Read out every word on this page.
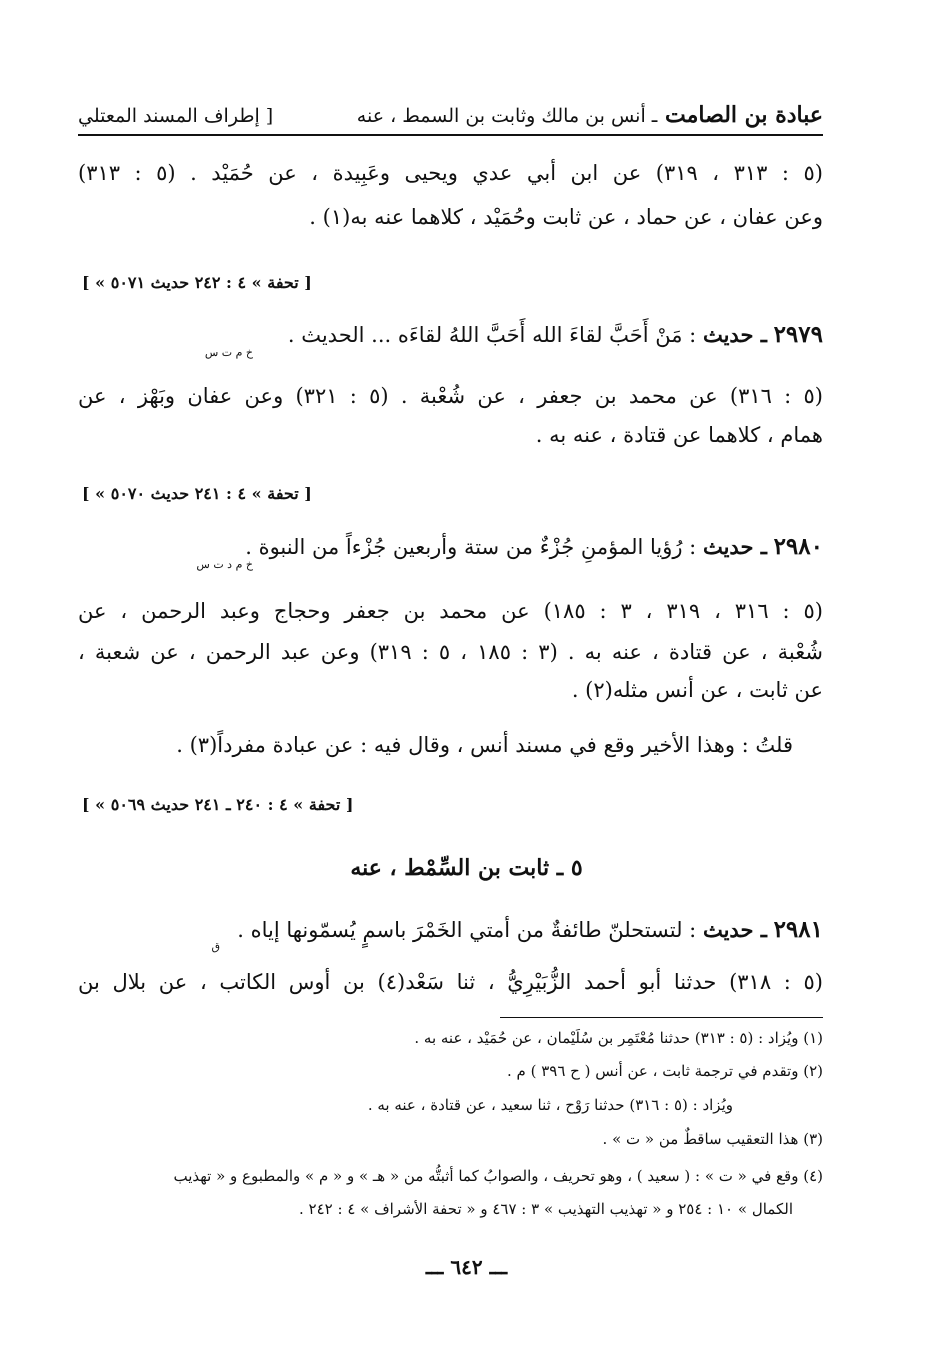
عبادة بن الصامت ـ أنس بن مالك وثابت بن السمط ، عنه
[ إطراف المسند المعتلي
(٥ : ٣١٣ ، ٣١٩) عن ابن أبي عدي ويحيى وعَبِيدة ، عن حُمَيْد . (٥ : ٣١٣)
وعن عفان ، عن حماد ، عن ثابت وحُمَيْد ، كلاهما عنه به(١) .
[ « تحفة » ٤ : ٢٤٢ حديث ٥٠٧١ ]
٢٩٧٩ ـ حديث : مَنْ أَحَبَّ لقاءَ الله أَحَبَّ اللهُ لقاءَه ... الحديث .
خ م ت س
(٥ : ٣١٦) عن محمد بن جعفر ، عن شُعْبة . (٥ : ٣٢١) وعن عفان وبَهْز ، عن
همام ، كلاهما عن قتادة ، عنه به .
[ « تحفة » ٤ : ٢٤١ حديث ٥٠٧٠ ]
٢٩٨٠ ـ حديث : رُؤيا المؤمنِ جُزْءٌ من ستة وأربعين جُزْءاً من النبوة .
خ م د ت س
(٥ : ٣١٦ ، ٣١٩ ، ٣ : ١٨٥) عن محمد بن جعفر وحجاج وعبد الرحمن ، عن
شُعْبة ، عن قتادة ، عنه به . (٣ : ١٨٥ ، ٥ : ٣١٩) وعن عبد الرحمن ، عن شعبة ،
عن ثابت ، عن أنس مثله(٢) .
قلتُ : وهذا الأخير وقع في مسند أنس ، وقال فيه : عن عبادة مفرداً(٣) .
[ « تحفة » ٤ : ٢٤٠ ـ ٢٤١ حديث ٥٠٦٩ ]
٥ ـ ثابت بن السِّمْط ، عنه
٢٩٨١ ـ حديث : لتستحلنّ طائفةٌ من أمتي الخَمْرَ باسمٍ يُسمّونها إياه .
ق
(٥ : ٣١٨) حدثنا أبو أحمد الزُّبَيْرِيُّ ، ثنا سَعْد(٤) بن أوس الكاتب ، عن بلال بن
(١) ويُزاد : (٥ : ٣١٣) حدثنا مُعْتَمِر بن سُلَيْمان ، عن حُمَيْد ، عنه به .
(٢) وتقدم في ترجمة ثابت ، عن أنس ( ح ٣٩٦ ) م .
ويُزاد : (٥ : ٣١٦) حدثنا رَوْح ، ثنا سعيد ، عن قتادة ، عنه به .
(٣) هذا التعقيب ساقطٌ من « ت » .
(٤) وقع في « ت » : ( سعيد ) ، وهو تحريف ، والصوابُ كما أثبتُّه من « هـ » و « م » والمطبوع و « تهذيب
الكمال » ١٠ : ٢٥٤ و « تهذيب التهذيب » ٣ : ٤٦٧ و « تحفة الأشراف » ٤ : ٢٤٢ .
ـــ ٦٤٢ ـــ
